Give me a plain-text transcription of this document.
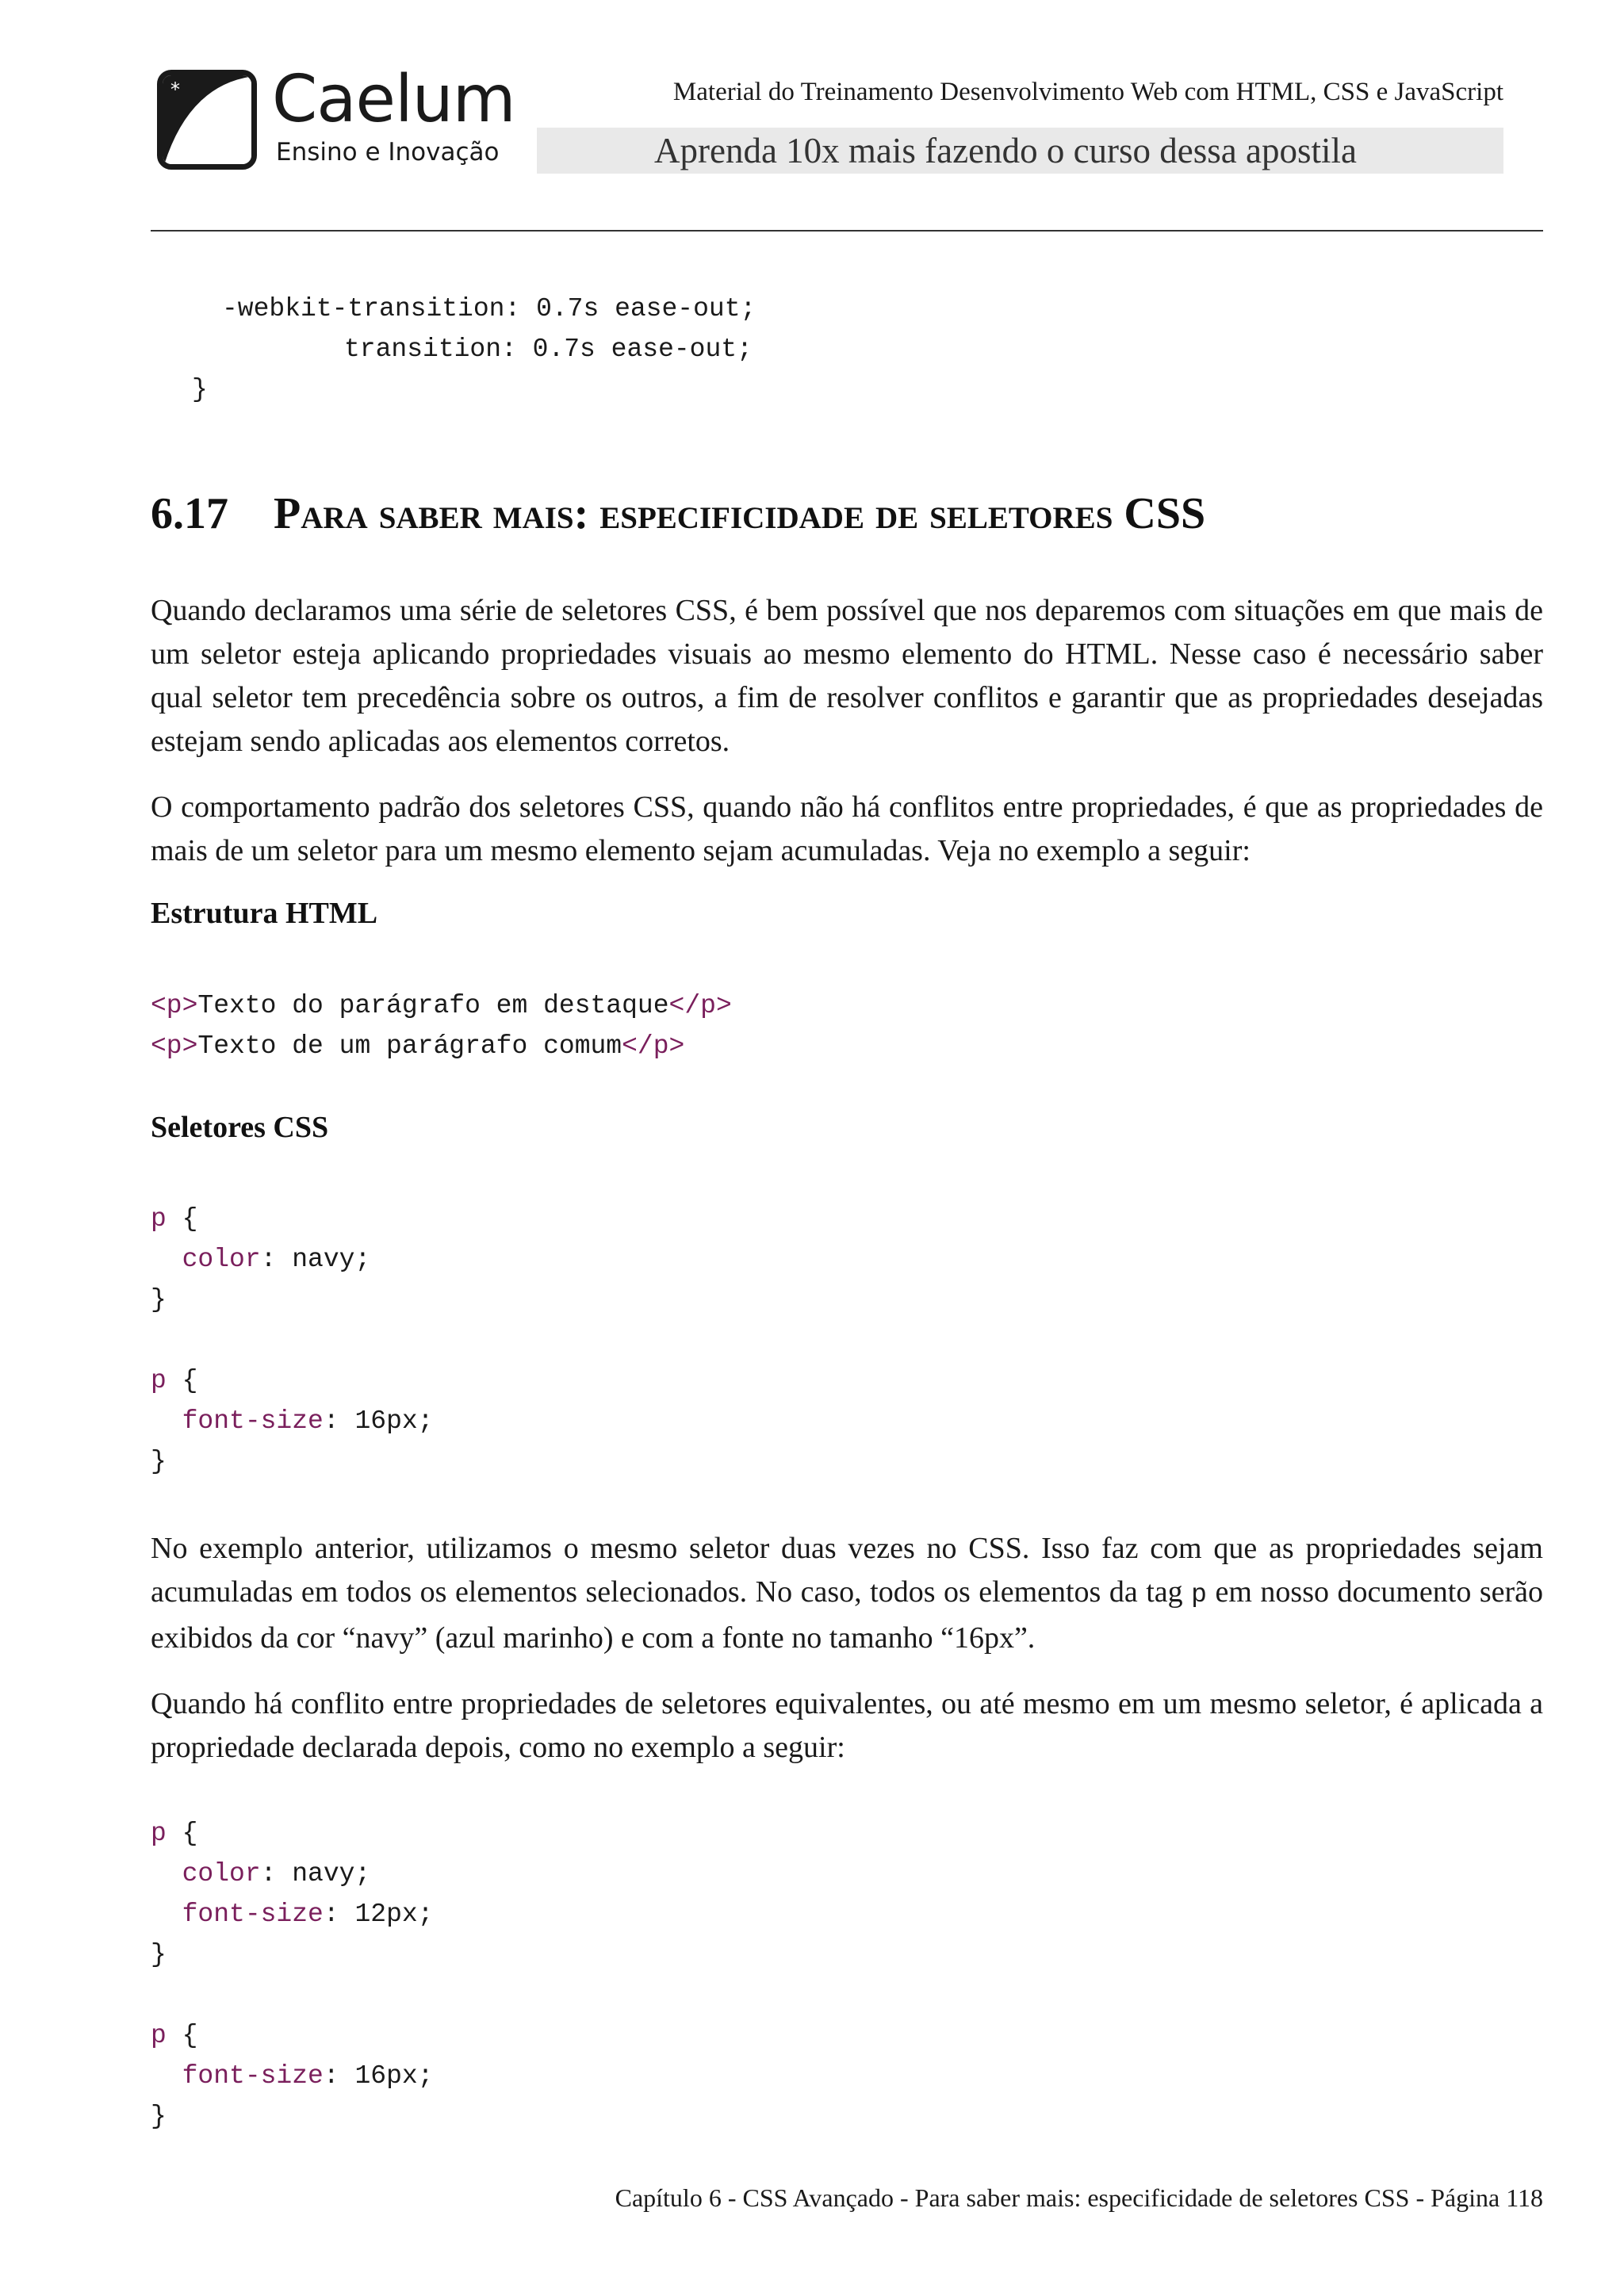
* Caelum
Ensino e Inovação
Material do Treinamento Desenvolvimento Web com HTML, CSS e JavaScript
Aprenda 10x mais fazendo o curso dessa apostila
-webkit-transition: 0.7s ease-out;
transition: 0.7s ease-out;
}
6.17 Para saber mais: especificidade de seletores CSS

Quando declaramos uma série de seletores CSS, é bem possível que nos deparemos com situações em que mais de um seletor esteja aplicando propriedades visuais ao mesmo elemento do HTML. Nesse caso é necessário saber qual seletor tem precedência sobre os outros, a fim de resolver conflitos e garantir que as propriedades desejadas estejam sendo aplicadas aos elementos corretos.

O comportamento padrão dos seletores CSS, quando não há conflitos entre propriedades, é que as propriedades de mais de um seletor para um mesmo elemento sejam acumuladas. Veja no exemplo a seguir:

Estrutura HTML
<p>Texto do parágrafo em destaque</p>
<p>Texto de um parágrafo comum</p>
Seletores CSS
p {
color: navy;
}
p {
font-size: 16px;
}

No exemplo anterior, utilizamos o mesmo seletor duas vezes no CSS. Isso faz com que as propriedades sejam acumuladas em todos os elementos selecionados. No caso, todos os elementos da tag p em nosso documento serão exibidos da cor “navy” (azul marinho) e com a fonte no tamanho “16px”.

Quando há conflito entre propriedades de seletores equivalentes, ou até mesmo em um mesmo seletor, é aplicada a propriedade declarada depois, como no exemplo a seguir:

p {
color: navy;
font-size: 12px;
}
p {
font-size: 16px;
}
Capítulo 6 - CSS Avançado - Para saber mais: especificidade de seletores CSS - Página 118
